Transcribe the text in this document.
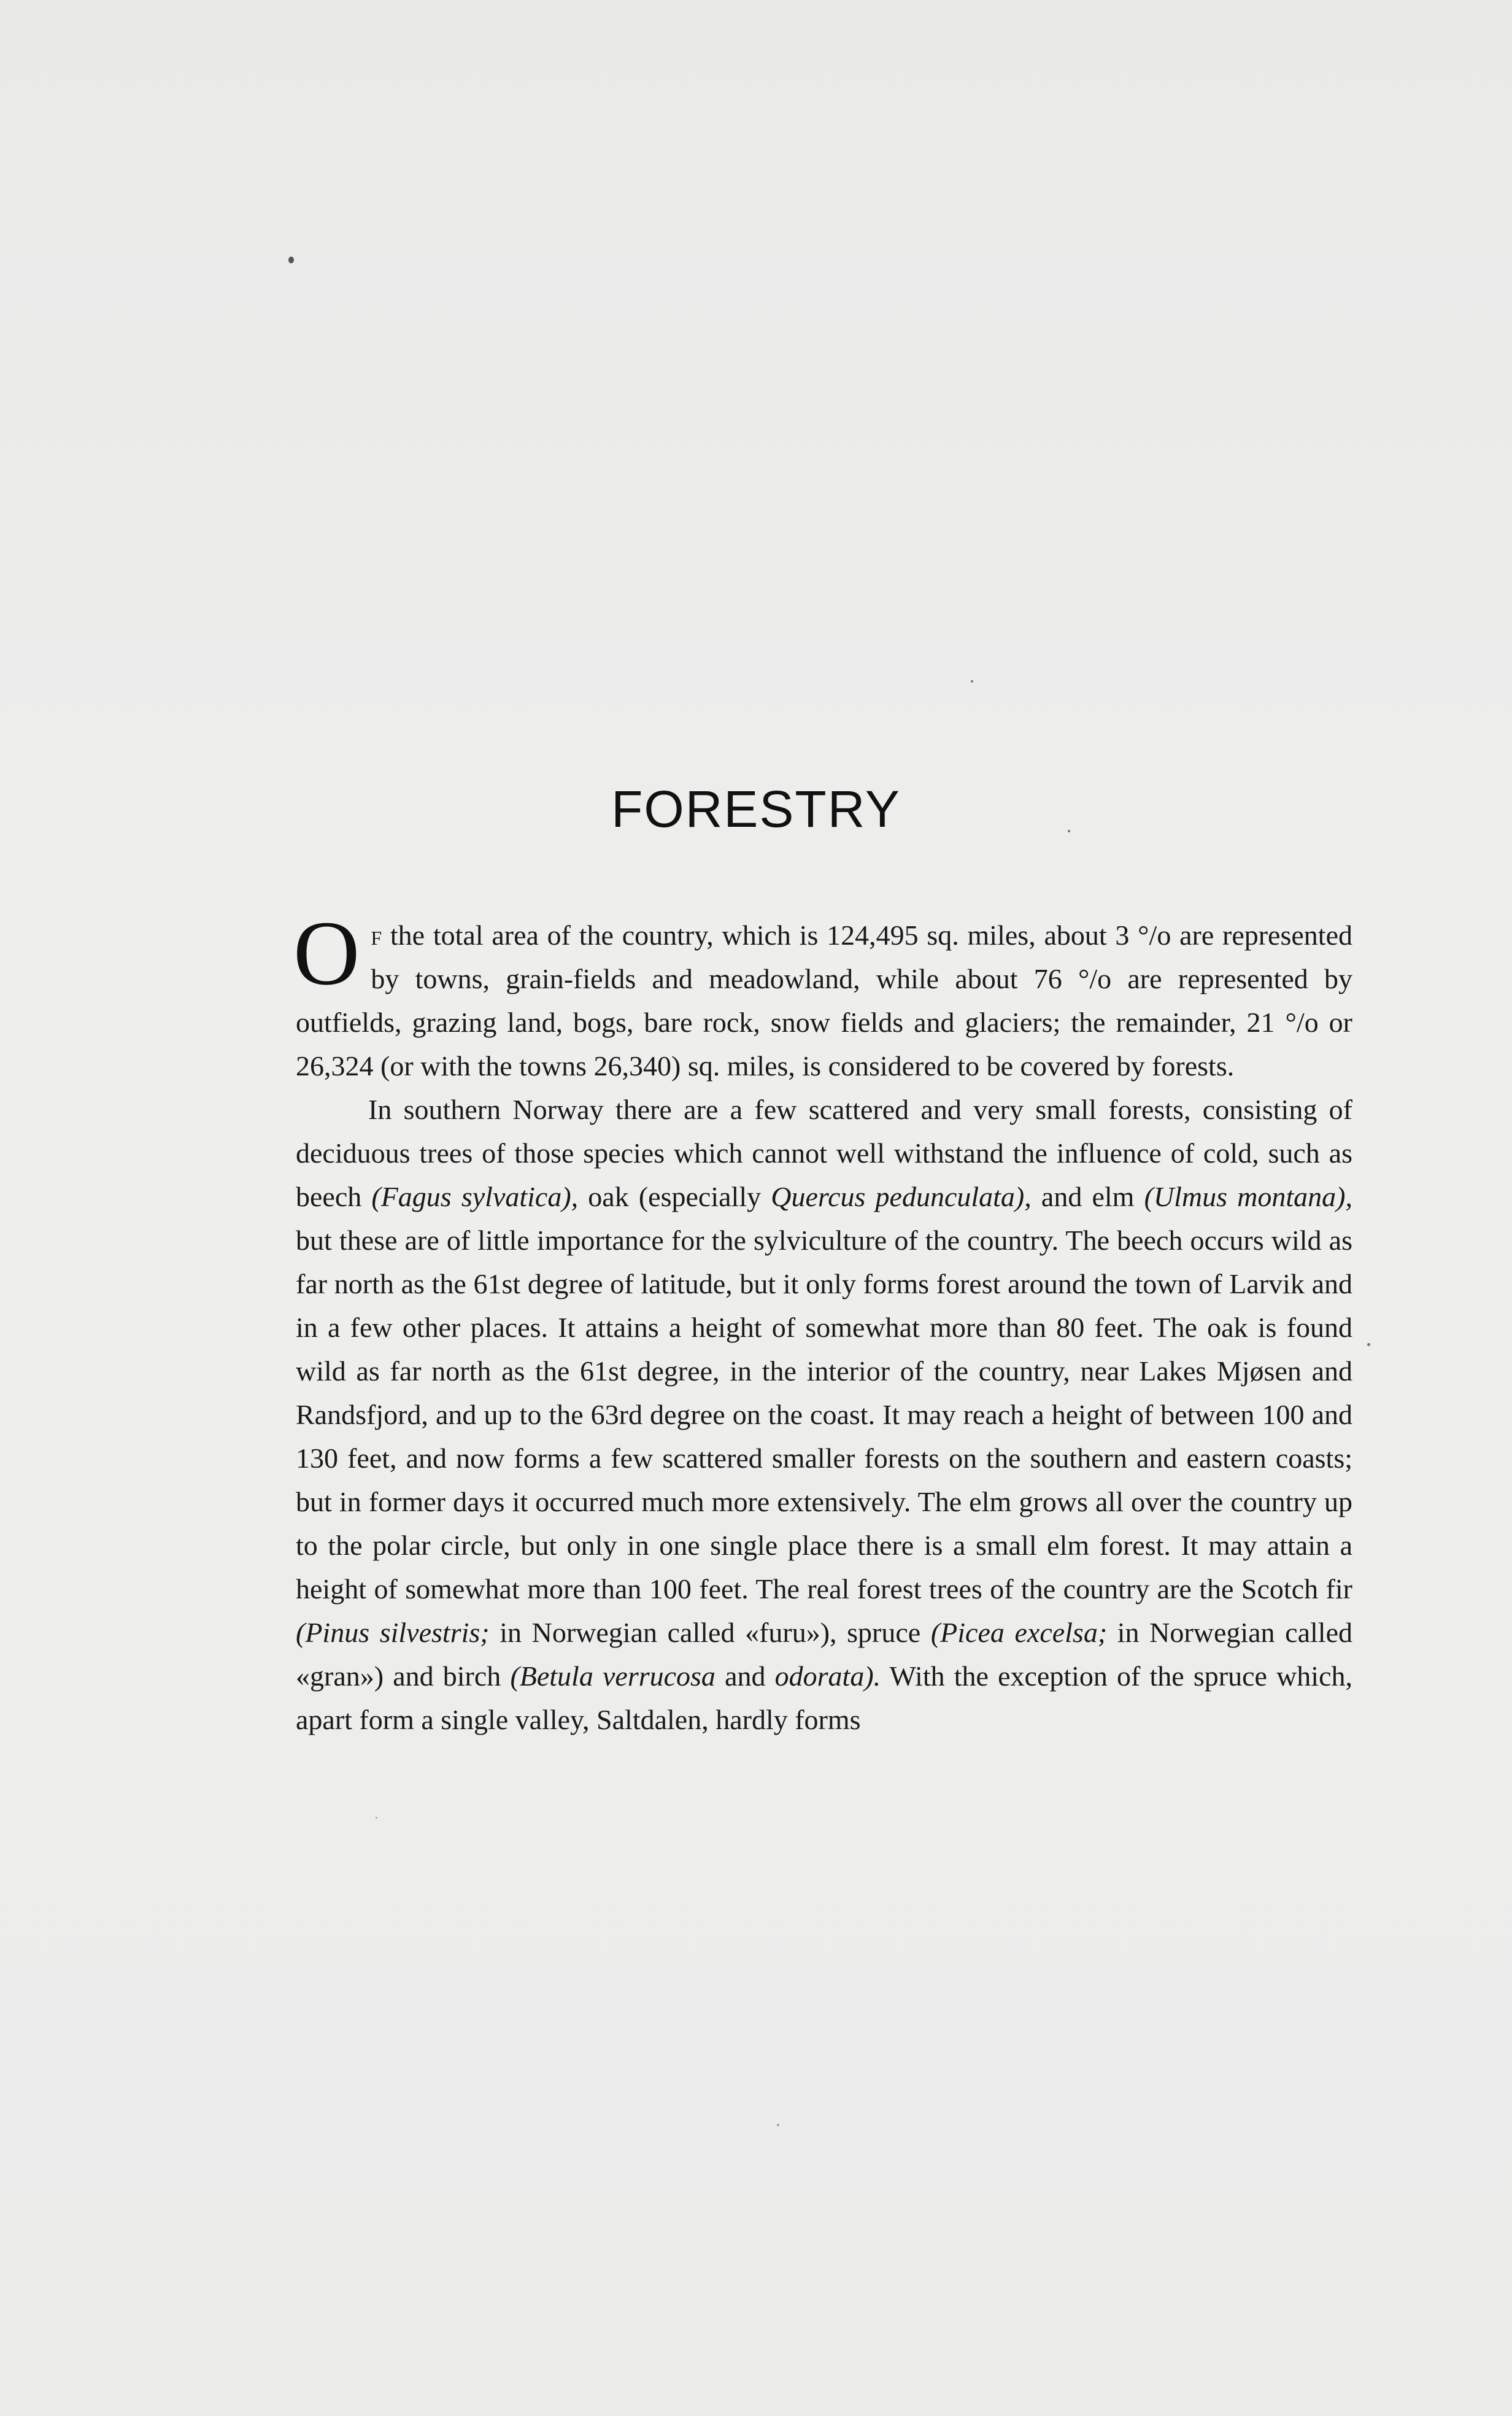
FORESTRY

Of the total area of the country, which is 124,495 sq. miles, about 3 °/o are represented by towns, grain-fields and meadowland, while about 76 °/o are represented by outfields, grazing land, bogs, bare rock, snow fields and glaciers; the remainder, 21 °/o or 26,324 (or with the towns 26,340) sq. miles, is considered to be covered by forests.

In southern Norway there are a few scattered and very small forests, consisting of deciduous trees of those species which cannot well withstand the influence of cold, such as beech (Fagus sylvatica), oak (especially Quercus pedunculata), and elm (Ulmus montana), but these are of little importance for the sylviculture of the country. The beech occurs wild as far north as the 61st degree of latitude, but it only forms forest around the town of Larvik and in a few other places. It attains a height of somewhat more than 80 feet. The oak is found wild as far north as the 61st degree, in the interior of the country, near Lakes Mjøsen and Randsfjord, and up to the 63rd degree on the coast. It may reach a height of between 100 and 130 feet, and now forms a few scattered smaller forests on the southern and eastern coasts; but in former days it occurred much more extensively. The elm grows all over the country up to the polar circle, but only in one single place there is a small elm forest. It may attain a height of somewhat more than 100 feet. The real forest trees of the country are the Scotch fir (Pinus silvestris; in Norwegian called «furu»), spruce (Picea excelsa; in Norwegian called «gran») and birch (Betula verrucosa and odorata). With the exception of the spruce which, apart form a single valley, Saltdalen, hardly forms
